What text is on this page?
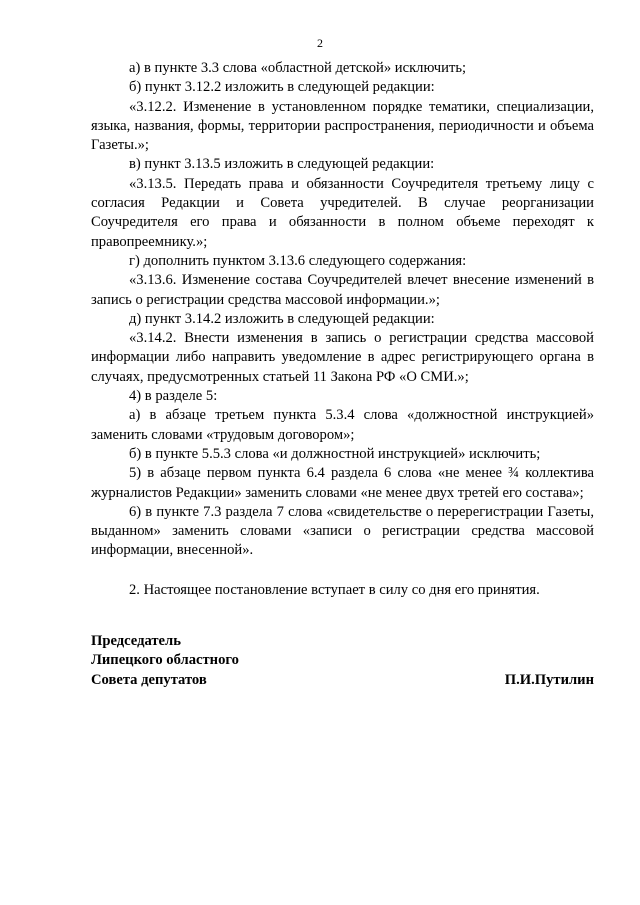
2

а) в пункте 3.3 слова «областной детской» исключить;

б) пункт 3.12.2 изложить в следующей редакции:

«3.12.2. Изменение в установленном порядке тематики, специализации, языка, названия, формы, территории распространения, периодичности и объема Газеты.»;

в) пункт 3.13.5 изложить в следующей редакции:

«3.13.5. Передать права и обязанности Соучредителя третьему лицу с согласия Редакции и Совета учредителей. В случае реорганизации Соучредителя его права и обязанности в полном объеме переходят к правопреемнику.»;

г) дополнить пунктом 3.13.6 следующего содержания:

«3.13.6. Изменение состава Соучредителей влечет внесение изменений в запись о регистрации средства массовой информации.»;

д) пункт 3.14.2 изложить в следующей редакции:

«3.14.2. Внести изменения в запись о регистрации средства массовой информации либо направить уведомление в адрес регистрирующего органа в случаях, предусмотренных статьей 11 Закона РФ «О СМИ.»;

4) в разделе 5:

а) в абзаце третьем пункта 5.3.4 слова «должностной инструкцией» заменить словами «трудовым договором»;

б) в пункте 5.5.3 слова «и должностной инструкцией» исключить;

5) в абзаце первом пункта 6.4 раздела 6 слова «не менее ¾ коллектива журналистов Редакции» заменить словами «не менее двух третей его состава»;

6) в пункте 7.3 раздела 7 слова «свидетельстве о перерегистрации Газеты, выданном» заменить словами «записи о регистрации средства массовой информации, внесенной».

2. Настоящее постановление вступает в силу со дня его принятия.

Председатель
Липецкого областного
Совета депутатов	П.И.Путилин
